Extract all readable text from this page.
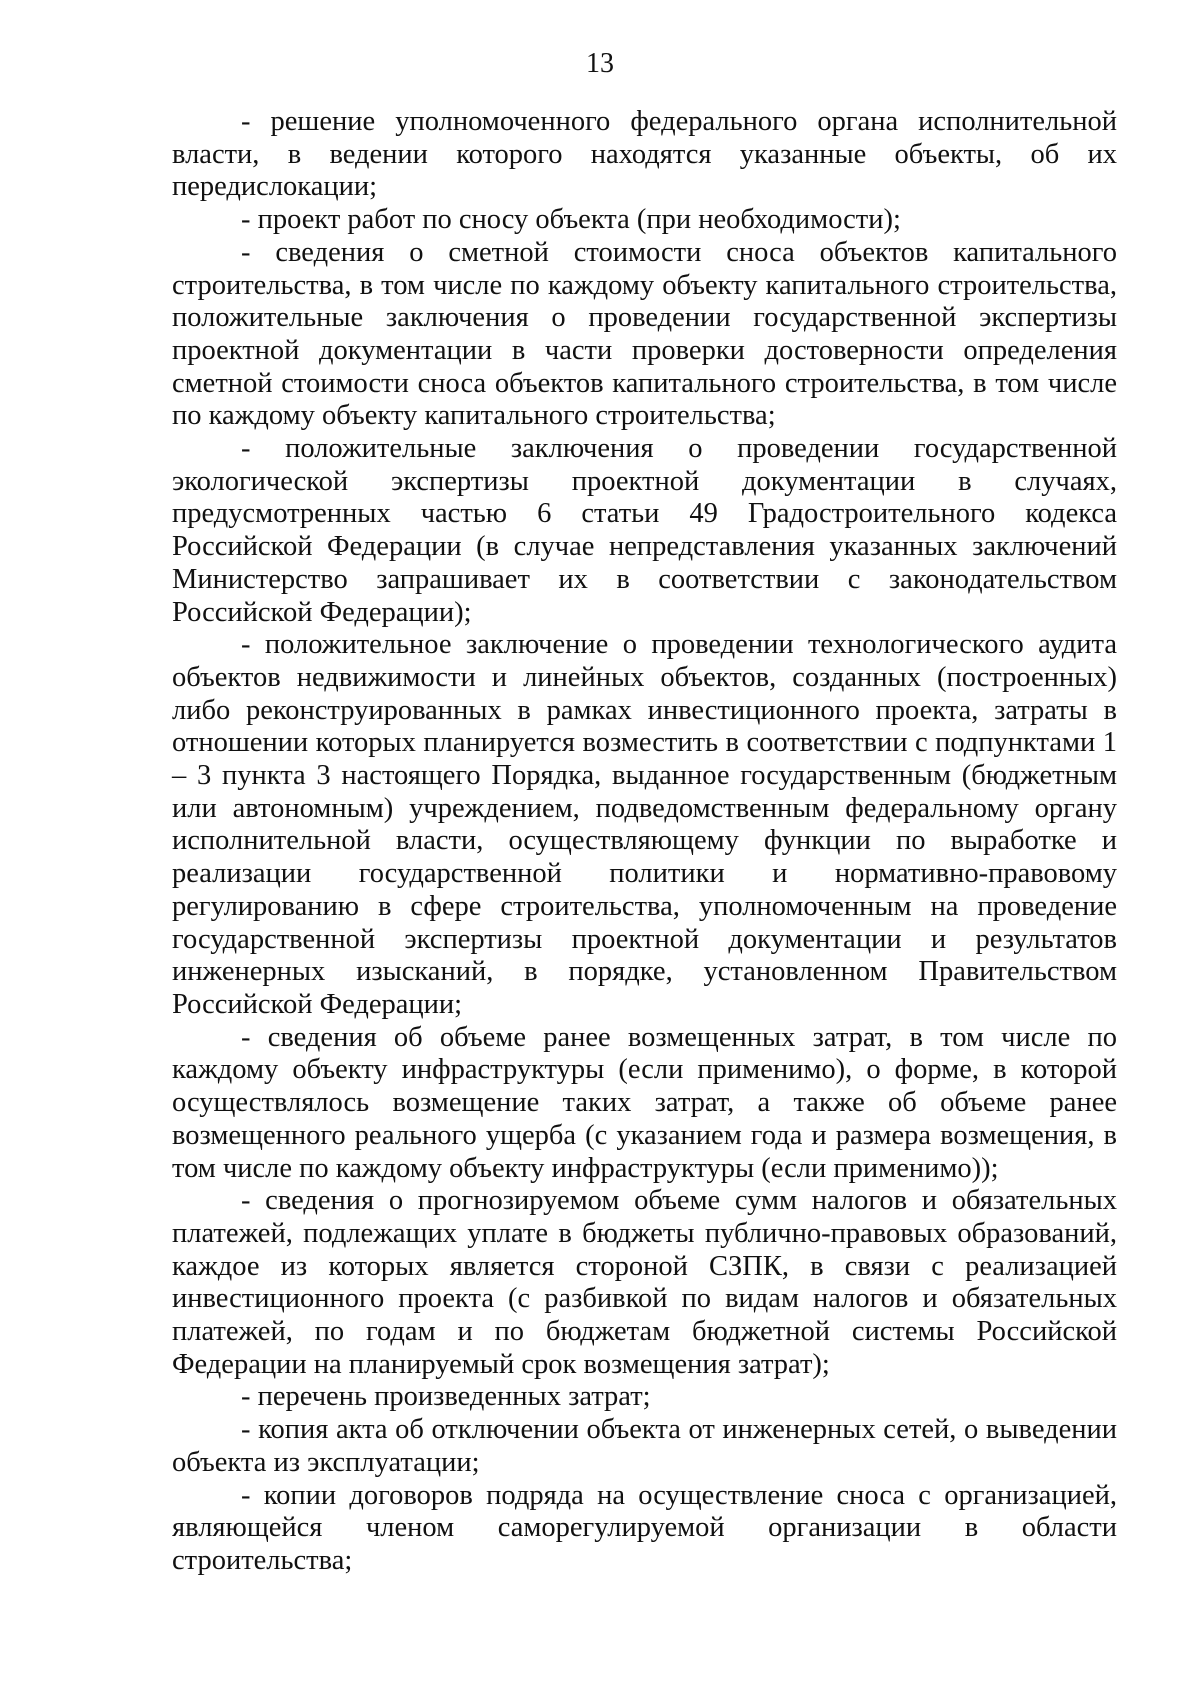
13

- решение уполномоченного федерального органа исполнительной власти, в ведении которого находятся указанные объекты, об их передислокации;

- проект работ по сносу объекта (при необходимости);

- сведения о сметной стоимости сноса объектов капитального строительства, в том числе по каждому объекту капитального строительства, положительные заключения о проведении государственной экспертизы проектной документации в части проверки достоверности определения сметной стоимости сноса объектов капитального строительства, в том числе по каждому объекту капитального строительства;

- положительные заключения о проведении государственной экологической экспертизы проектной документации в случаях, предусмотренных частью 6 статьи 49 Градостроительного кодекса Российской Федерации (в случае непредставления указанных заключений Министерство запрашивает их в соответствии с законодательством Российской Федерации);

- положительное заключение о проведении технологического аудита объектов недвижимости и линейных объектов, созданных (построенных) либо реконструированных в рамках инвестиционного проекта, затраты в отношении которых планируется возместить в соответствии с подпунктами 1 – 3 пункта 3 настоящего Порядка, выданное государственным (бюджетным или автономным) учреждением, подведомственным федеральному органу исполнительной власти, осуществляющему функции по выработке и реализации государственной политики и нормативно-правовому регулированию в сфере строительства, уполномоченным на проведение государственной экспертизы проектной документации и результатов инженерных изысканий, в порядке, установленном Правительством Российской Федерации;

- сведения об объеме ранее возмещенных затрат, в том числе по каждому объекту инфраструктуры (если применимо), о форме, в которой осуществлялось возмещение таких затрат, а также об объеме ранее возмещенного реального ущерба (с указанием года и размера возмещения, в том числе по каждому объекту инфраструктуры (если применимо));

- сведения о прогнозируемом объеме сумм налогов и обязательных платежей, подлежащих уплате в бюджеты публично-правовых образований, каждое из которых является стороной СЗПК, в связи с реализацией инвестиционного проекта (с разбивкой по видам налогов и обязательных платежей, по годам и по бюджетам бюджетной системы Российской Федерации на планируемый срок возмещения затрат);

- перечень произведенных затрат;

- копия акта об отключении объекта от инженерных сетей, о выведении объекта из эксплуатации;

- копии договоров подряда на осуществление сноса с организацией, являющейся членом саморегулируемой организации в области строительства;
